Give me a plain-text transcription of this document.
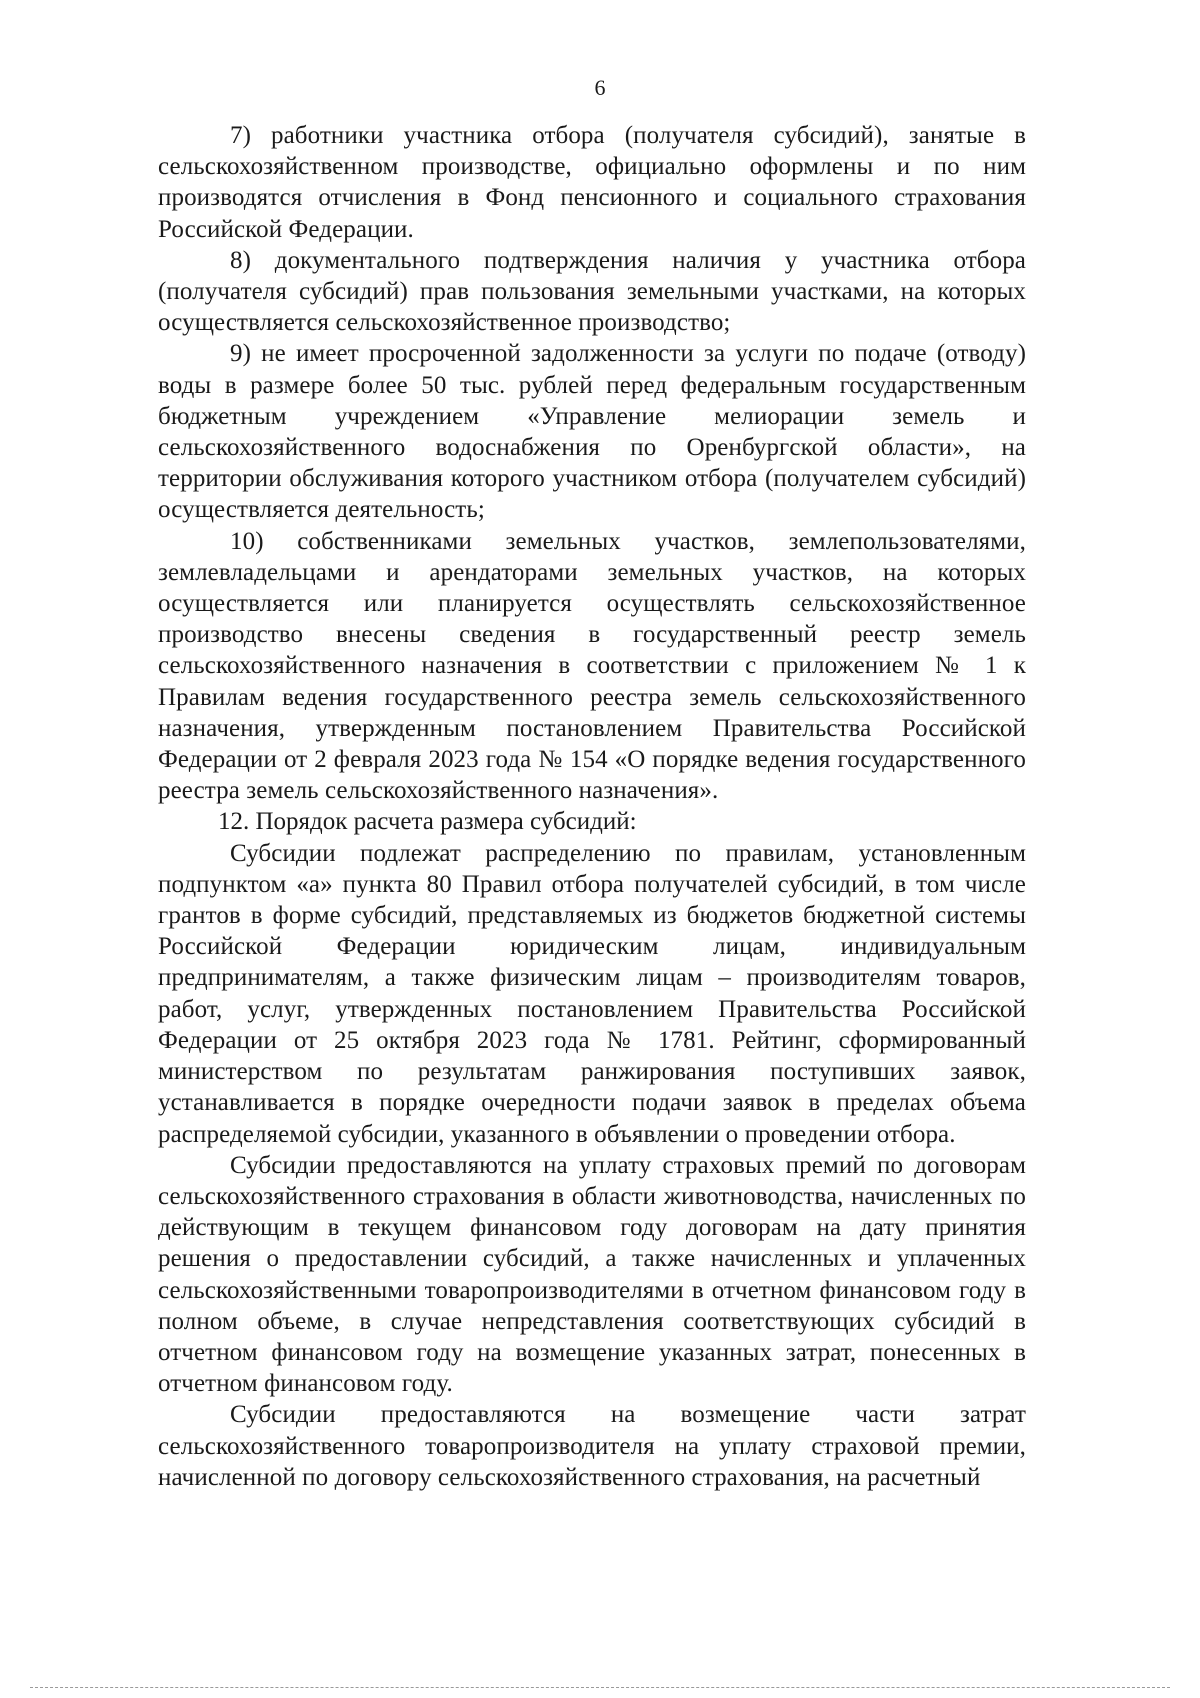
6

7) работники участника отбора (получателя субсидий), занятые в сельскохозяйственном производстве, официально оформлены и по ним производятся отчисления в Фонд пенсионного и социального страхования Российской Федерации.

8) документального подтверждения наличия у участника отбора (получателя субсидий) прав пользования земельными участками, на которых осуществляется сельскохозяйственное производство;

9) не имеет просроченной задолженности за услуги по подаче (отводу) воды в размере более 50 тыс. рублей перед федеральным государственным бюджетным учреждением «Управление мелиорации земель и сельскохозяйственного водоснабжения по Оренбургской области», на территории обслуживания которого участником отбора (получателем субсидий) осуществляется деятельность;

10) собственниками земельных участков, землепользователями, землевладельцами и арендаторами земельных участков, на которых осуществляется или планируется осуществлять сельскохозяйственное производство внесены сведения в государственный реестр земель сельскохозяйственного назначения в соответствии с приложением № 1 к Правилам ведения государственного реестра земель сельскохозяйственного назначения, утвержденным постановлением Правительства Российской Федерации от 2 февраля 2023 года № 154 «О порядке ведения государственного реестра земель сельскохозяйственного назначения».

12. Порядок расчета размера субсидий:

Субсидии подлежат распределению по правилам, установленным подпунктом «а» пункта 80 Правил отбора получателей субсидий, в том числе грантов в форме субсидий, представляемых из бюджетов бюджетной системы Российской Федерации юридическим лицам, индивидуальным предпринимателям, а также физическим лицам – производителям товаров, работ, услуг, утвержденных постановлением Правительства Российской Федерации от 25 октября 2023 года № 1781. Рейтинг, сформированный министерством по результатам ранжирования поступивших заявок, устанавливается в порядке очередности подачи заявок в пределах объема распределяемой субсидии, указанного в объявлении о проведении отбора.

Субсидии предоставляются на уплату страховых премий по договорам сельскохозяйственного страхования в области животноводства, начисленных по действующим в текущем финансовом году договорам на дату принятия решения о предоставлении субсидий, а также начисленных и уплаченных сельскохозяйственными товаропроизводителями в отчетном финансовом году в полном объеме, в случае непредставления соответствующих субсидий в отчетном финансовом году на возмещение указанных затрат, понесенных в отчетном финансовом году.

Субсидии предоставляются на возмещение части затрат сельскохозяйственного товаропроизводителя на уплату страховой премии, начисленной по договору сельскохозяйственного страхования, на расчетный
